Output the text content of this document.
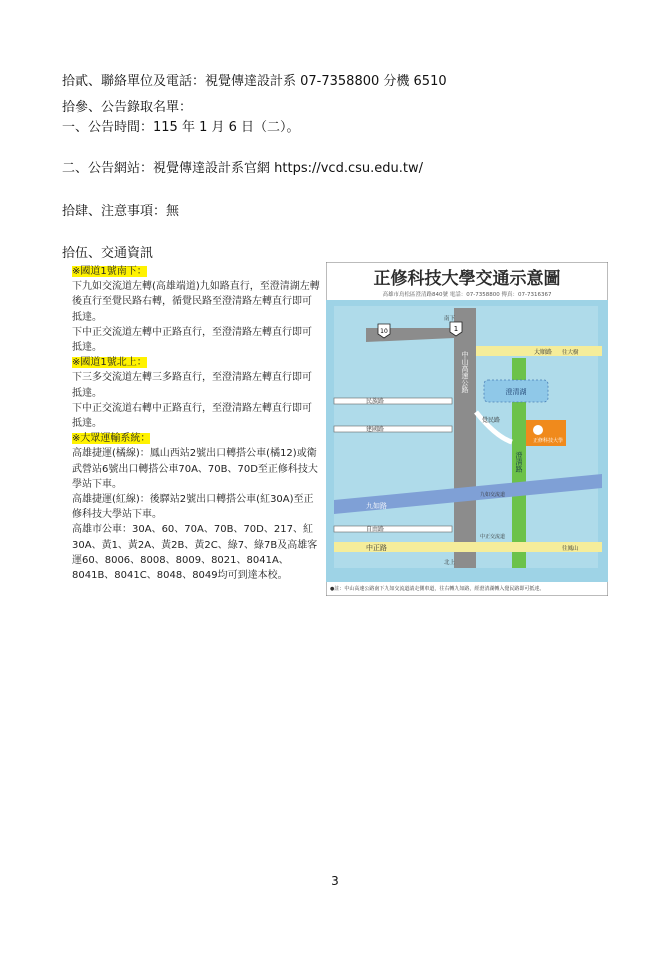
拾貳、聯絡單位及電話：視覺傳達設計系 07-7358800 分機 6510
拾參、公告錄取名單：
一、公告時間：115 年 1 月 6 日（二）。
二、公告網站：視覺傳達設計系官網 https://vcd.csu.edu.tw/
拾肆、注意事項：無
拾伍、交通資訊

※國道1號南下：

下九如交流道左轉(高雄端道)九如路直行，至澄清湖左轉後直行至覺民路右轉，循覺民路至澄清路左轉直行即可抵達。

下中正交流道左轉中正路直行，至澄清路左轉直行即可抵達。

※國道1號北上：

下三多交流道左轉三多路直行，至澄清路左轉直行即可抵達。

下中正交流道右轉中正路直行，至澄清路左轉直行即可抵達。

※大眾運輸系統：

高雄捷運(橘線)：鳳山西站2號出口轉搭公車(橘12)或衛武營站6號出口轉搭公車70A、70B、70D至正修科技大學站下車。

高雄捷運(紅線)：後驛站2號出口轉搭公車(紅30A)至正修科技大學站下車。

高雄市公車：30A、60、70A、70B、70D、217、紅30A、黃1、黃2A、黃2B、黃2C、綠7、綠7B及高雄客運60、8006、8008、8009、8021、8041A、8041B、8041C、8048、8049均可到達本校。

正修科技大學交通示意圖
高雄市鳥松區澄清路840號 電話：07-7358800 傳真：07-7316367
澄清湖
正修科技大學
1
10
中山高速公路
澄清路
九如路
中正路
大順路
民族路
建國路
自由路
覺民路
往大樹
往鳳山
北上
南下
九如交流道
中正交流道
●註：中山高速公路南下九如交流道請走側車道，往右轉九如路，經澄清湖轉入覺民路即可抵達。
3
